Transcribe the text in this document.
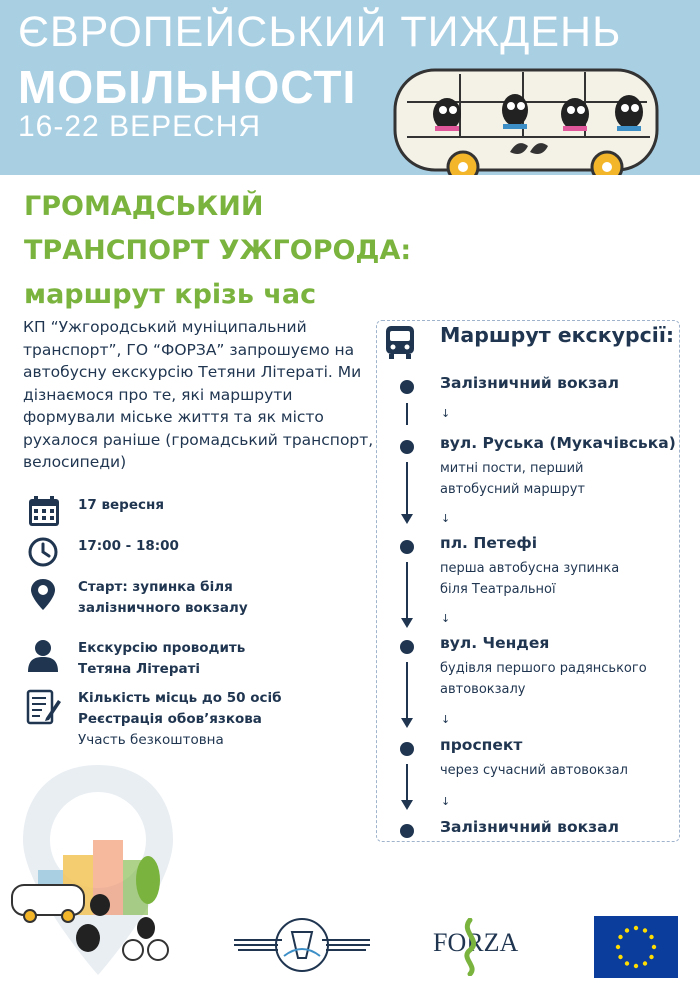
ЄВРОПЕЙСЬКИЙ ТИЖДЕНЬ
МОБІЛЬНОСТІ
16-22 ВЕРЕСНЯ
ГРОМАДСЬКИЙ
ТРАНСПОРТ УЖГОРОДА:
маршрут крізь час
КП “Ужгородський муніципальний транспорт”, ГО “ФОРЗА” запрошуємо на автобусну екскурсію Тетяни Літераті. Ми дізнаємося про те, які маршрути формували міське життя та як місто рухалося раніше (громадський транспорт, велосипеди)
17 вересня
17:00 - 18:00
Старт: зупинка біля
залізничного вокзалу
Екскурсію проводить
Тетяна Літераті
Кількість місць до 50 осіб
Реєстрація обов’язкова
Участь безкоштовна
Маршрут екскурсії:
Залізничний вокзал
↓
вул. Руська (Мукачівська)
митні пости, перший
автобусний маршрут
↓
пл. Петефі
перша автобусна зупинка
біля Театральної
↓
вул. Чендея
будівля першого радянського
автовокзалу
↓
проспект
через сучасний автовокзал
↓
Залізничний вокзал
FORZA
